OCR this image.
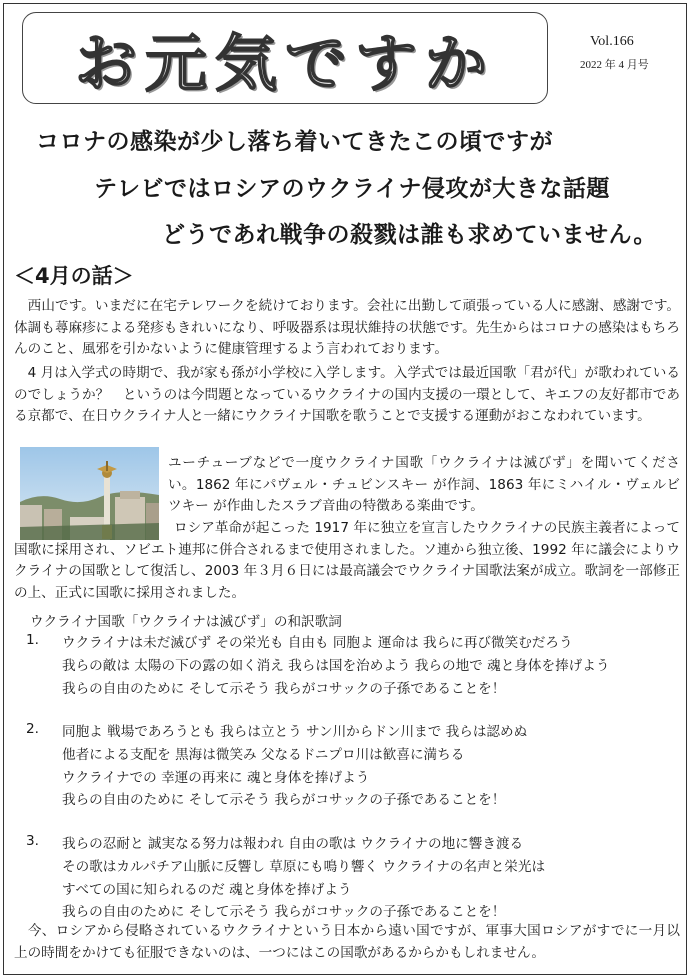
お元気ですか	Vol.166
2022 年 4 月号
コロナの感染が少し落ち着いてきたこの頃ですが
テレビではロシアのウクライナ侵攻が大きな話題
どうであれ戦争の殺戮は誰も求めていません。
＜4月の話＞
　西山です。いまだに在宅テレワークを続けております。会社に出勤して頑張っている人に感謝、感謝です。体調も蕁麻疹による発疹もきれいになり、呼吸器系は現状維持の状態です。先生からはコロナの感染はもちろんのこと、風邪を引かないように健康管理するよう言われております。
　4 月は入学式の時期で、我が家も孫が小学校に入学します。入学式では最近国歌「君が代」が歌われているのでしょうか？　というのは今問題となっているウクライナの国内支援の一環として、キエフの友好都市である京都で、在日ウクライナ人と一緒にウクライナ国歌を歌うことで支援する運動がおこなわれています。
ユーチューブなどで一度ウクライナ国歌「ウクライナは滅びず」を聞いてください。1862 年にパヴェル・チュビンスキー が作詞、1863 年にミハイル・ヴェルビツキー が作曲したスラブ音曲の特徴ある楽曲です。
ロシア革命が起こった 1917 年に独立を宣言したウクライナの民族主義者によって国歌に採用され、ソビエト連邦に併合されるまで使用されました。ソ連から独立後、1992 年に議会によりウクライナの国歌として復活し、2003 年３月６日には最高議会でウクライナ国歌法案が成立。歌詞を一部修正の上、正式に国歌に採用されました。
ウクライナ国歌「ウクライナは滅びず」の和訳歌詞
1. ウクライナは未だ滅びず その栄光も 自由も 同胞よ 運命は 我らに再び微笑むだろう
我らの敵は 太陽の下の露の如く消え 我らは国を治めよう 我らの地で 魂と身体を捧げよう
我らの自由のために そして示そう 我らがコサックの子孫であることを！
2. 同胞よ 戦場であろうとも 我らは立とう サン川からドン川まで 我らは認めぬ
他者による支配を 黒海は微笑み 父なるドニプロ川は歓喜に満ちる
ウクライナでの 幸運の再来に 魂と身体を捧げよう
我らの自由のために そして示そう 我らがコサックの子孫であることを！
3. 我らの忍耐と 誠実なる努力は報われ 自由の歌は ウクライナの地に響き渡る
その歌はカルパチア山脈に反響し 草原にも鳴り響く ウクライナの名声と栄光は
すべての国に知られるのだ 魂と身体を捧げよう
我らの自由のために そして示そう 我らがコサックの子孫であることを！
　今、ロシアから侵略されているウクライナという日本から遠い国ですが、軍事大国ロシアがすでに一月以上の時間をかけても征服できないのは、一つにはこの国歌があるからかもしれません。
